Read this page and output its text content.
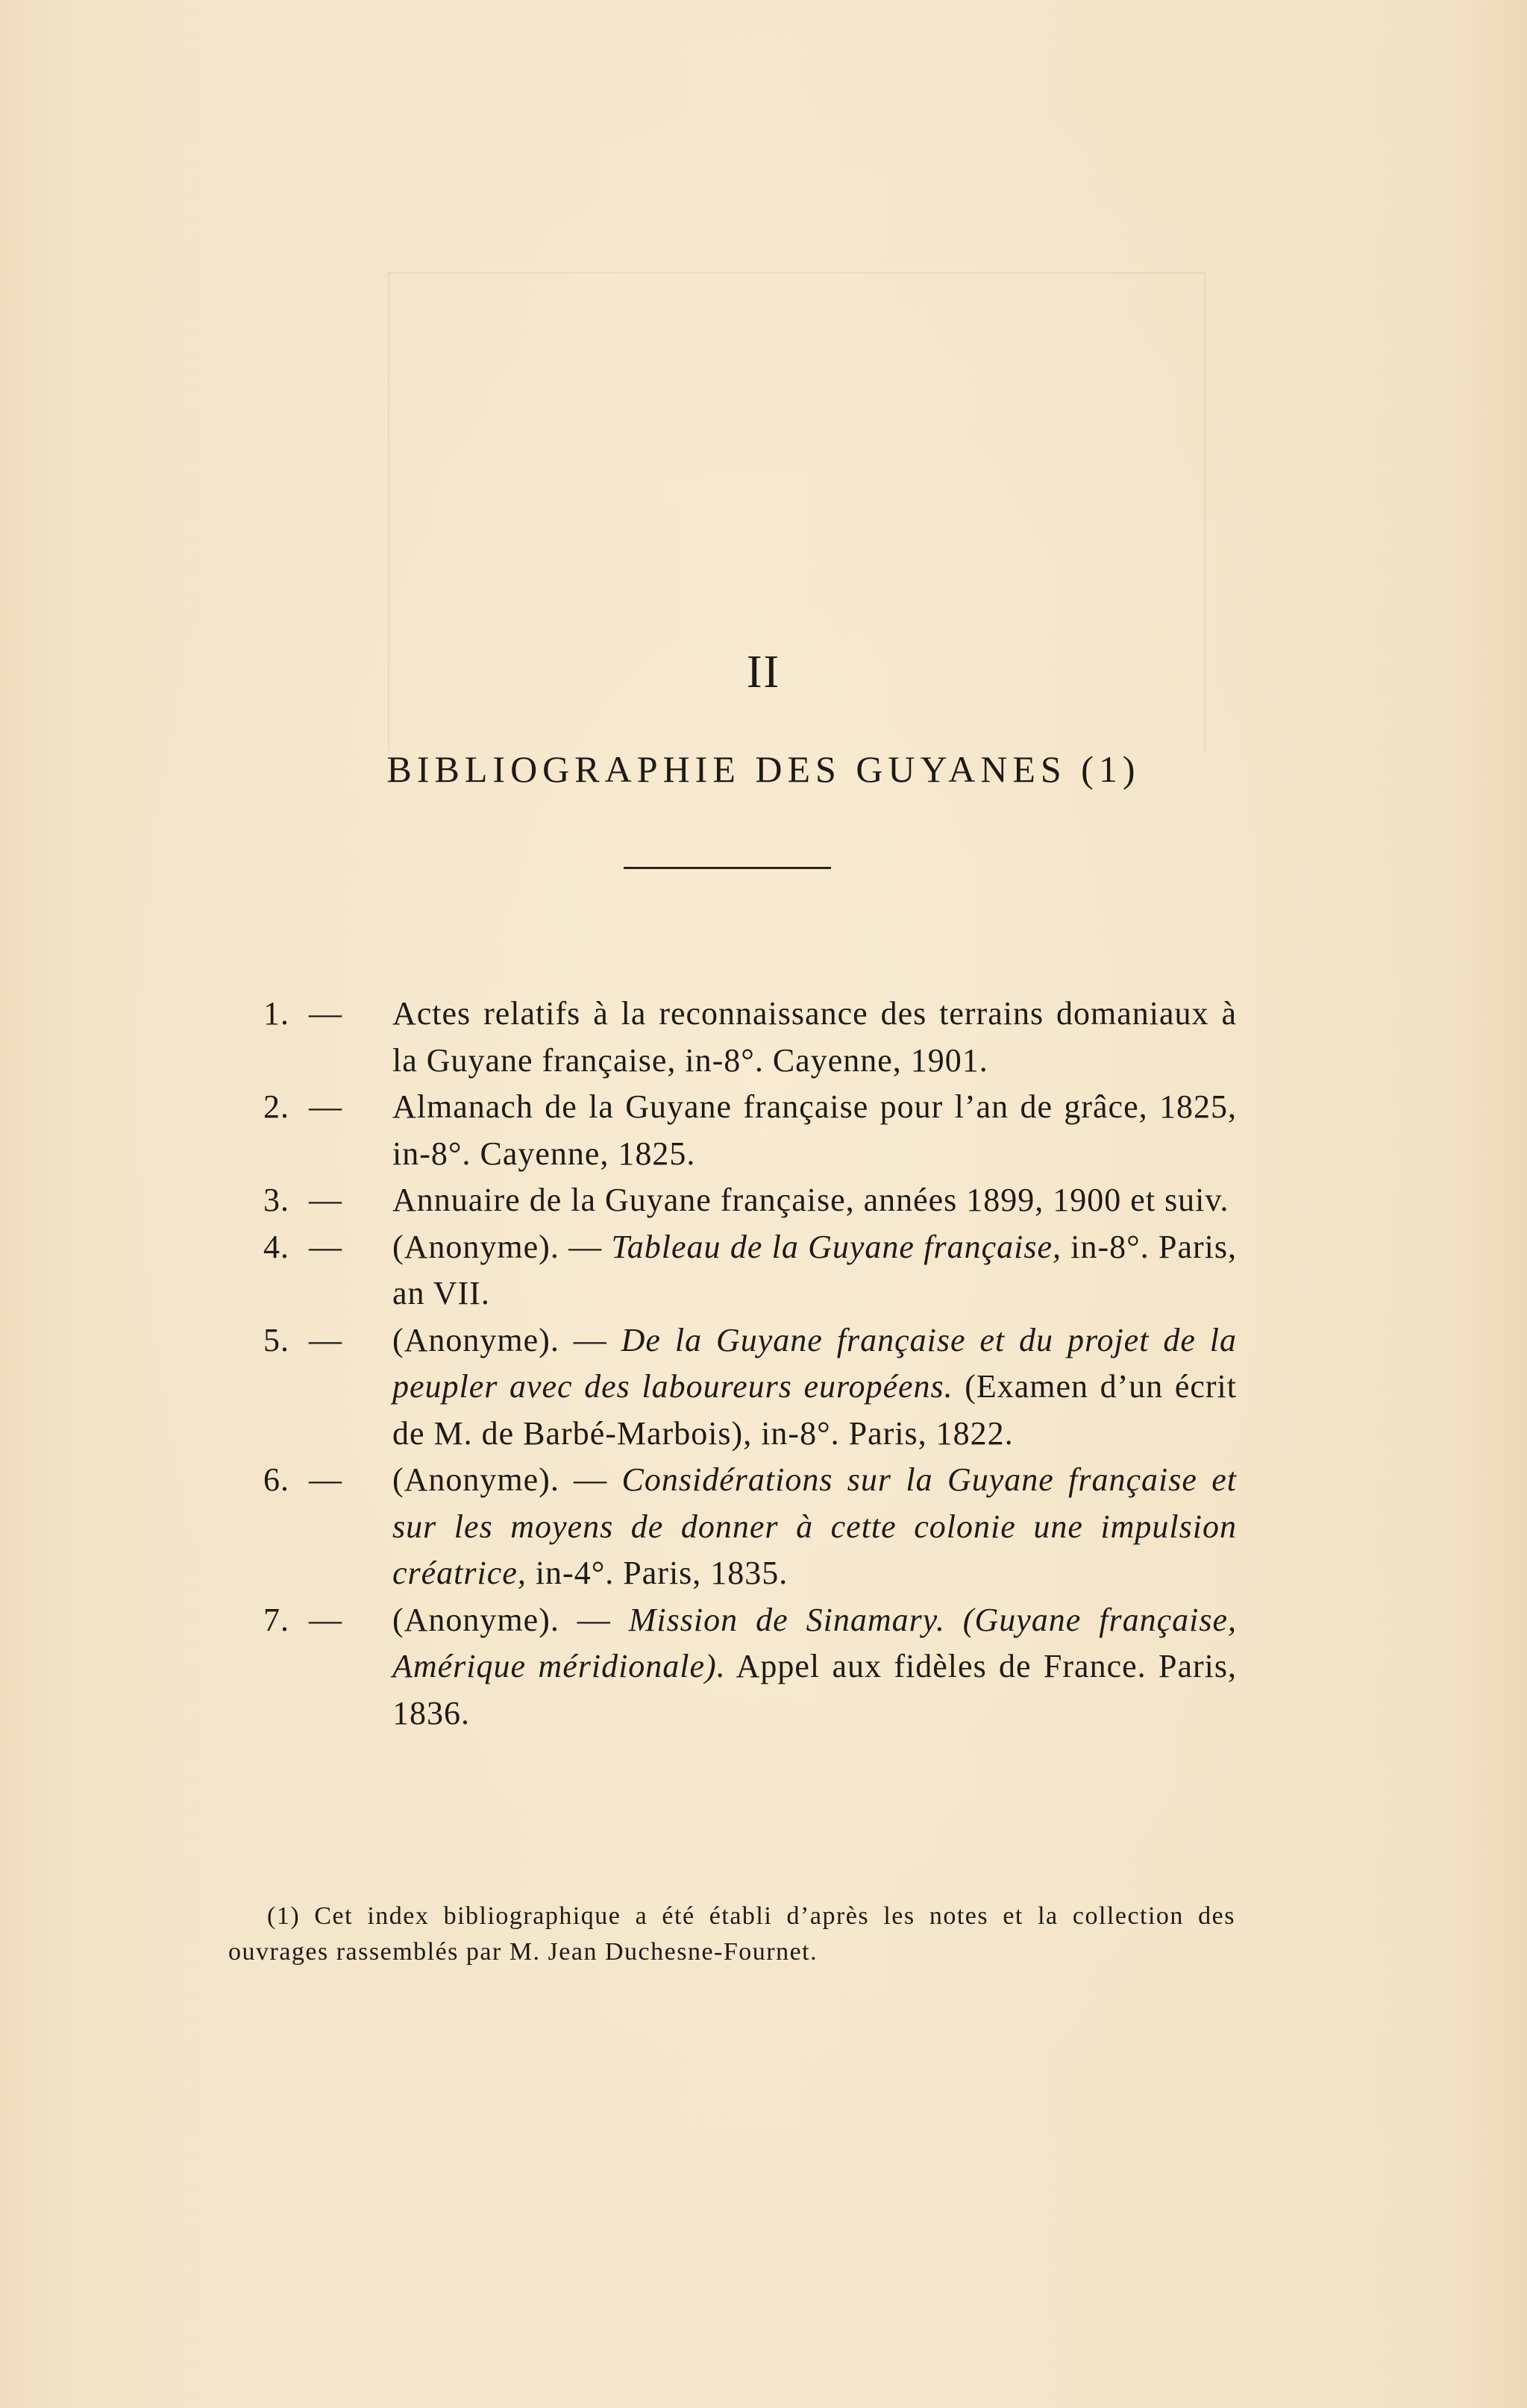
II
BIBLIOGRAPHIE DES GUYANES (1)
1. — Actes relatifs à la reconnaissance des terrains domaniaux à la Guyane française, in-8°. Cayenne, 1901.
2. — Almanach de la Guyane française pour l’an de grâce, 1825, in-8°. Cayenne, 1825.
3. — Annuaire de la Guyane française, années 1899, 1900 et suiv.
4. — (Anonyme). — Tableau de la Guyane française, in-8°. Paris, an VII.
5. — (Anonyme). — De la Guyane française et du projet de la peupler avec des laboureurs européens. (Examen d’un écrit de M. de Barbé-Marbois), in-8°. Paris, 1822.
6. — (Anonyme). — Considérations sur la Guyane française et sur les moyens de donner à cette colonie une impulsion créatrice, in-4°. Paris, 1835.
7. — (Anonyme). — Mission de Sinamary. (Guyane française, Amérique méridionale). Appel aux fidèles de France. Paris, 1836.

(1) Cet index bibliographique a été établi d’après les notes et la collection des ouvrages rassemblés par M. Jean Duchesne-Fournet.
